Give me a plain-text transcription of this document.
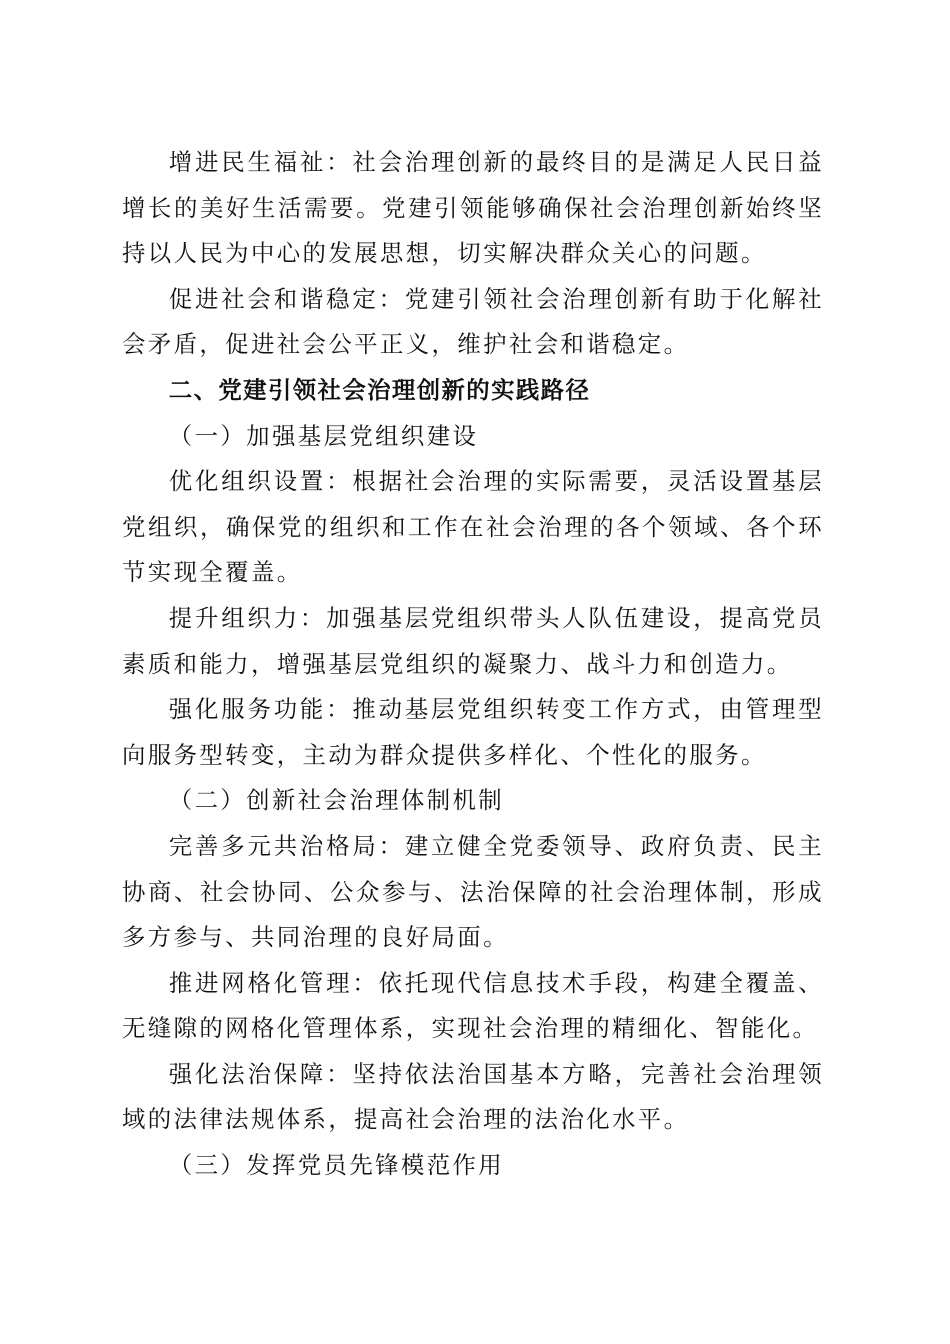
增进民生福祉：社会治理创新的最终目的是满足人民日益增长的美好生活需要。党建引领能够确保社会治理创新始终坚持以人民为中心的发展思想，切实解决群众关心的问题。

促进社会和谐稳定：党建引领社会治理创新有助于化解社会矛盾，促进社会公平正义，维护社会和谐稳定。

二、党建引领社会治理创新的实践路径

（一）加强基层党组织建设

优化组织设置：根据社会治理的实际需要，灵活设置基层党组织，确保党的组织和工作在社会治理的各个领域、各个环节实现全覆盖。

提升组织力：加强基层党组织带头人队伍建设，提高党员素质和能力，增强基层党组织的凝聚力、战斗力和创造力。

强化服务功能：推动基层党组织转变工作方式，由管理型向服务型转变，主动为群众提供多样化、个性化的服务。

（二）创新社会治理体制机制

完善多元共治格局：建立健全党委领导、政府负责、民主协商、社会协同、公众参与、法治保障的社会治理体制，形成多方参与、共同治理的良好局面。

推进网格化管理：依托现代信息技术手段，构建全覆盖、无缝隙的网格化管理体系，实现社会治理的精细化、智能化。

强化法治保障：坚持依法治国基本方略，完善社会治理领域的法律法规体系，提高社会治理的法治化水平。

（三）发挥党员先锋模范作用
